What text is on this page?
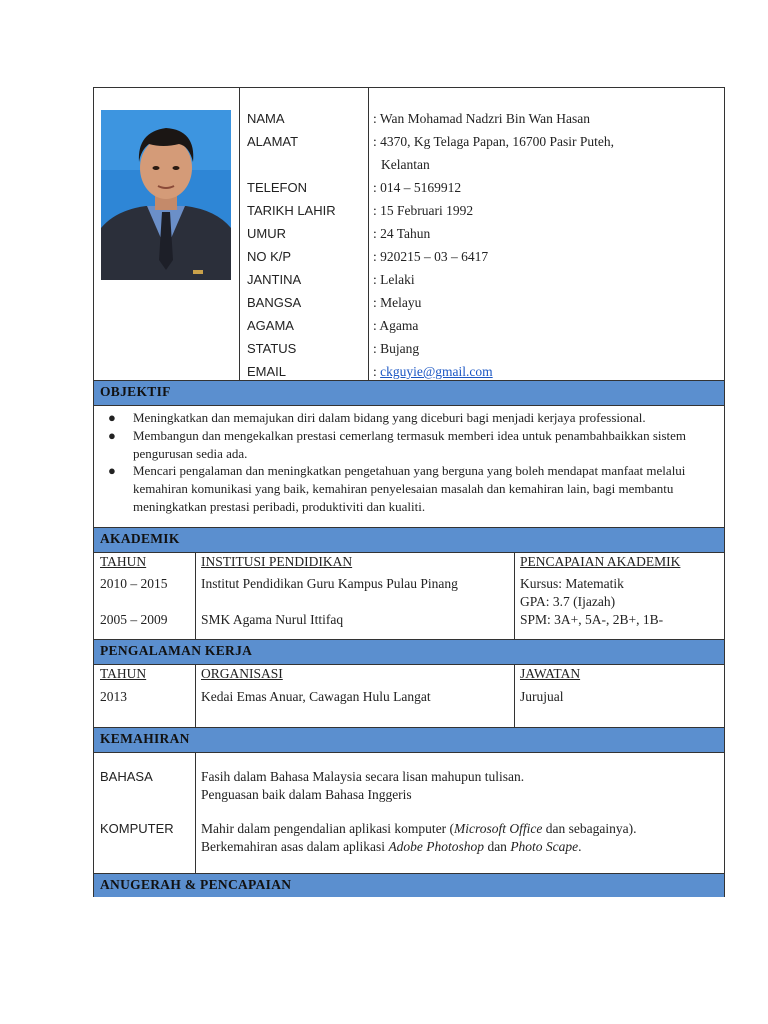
NAMA	: Wan Mohamad Nadzri Bin Wan Hasan
ALAMAT	: 4370, Kg Telaga Papan, 16700 Pasir Puteh,
Kelantan
TELEFON	: 014 – 5169912
TARIKH LAHIR	: 15 Februari 1992
UMUR	: 24 Tahun
NO K/P	: 920215 – 03 – 6417
JANTINA	: Lelaki
BANGSA	: Melayu
AGAMA	: Agama
STATUS	: Bujang
EMAIL	: ckguyie@gmail.com
OBJEKTIF
● Meningkatkan dan memajukan diri dalam bidang yang diceburi bagi menjadi kerjaya professional.
● Membangun dan mengekalkan prestasi cemerlang termasuk memberi idea untuk penambahbaikkan sistem pengurusan sedia ada.
● Mencari pengalaman dan meningkatkan pengetahuan yang berguna yang boleh mendapat manfaat melalui kemahiran komunikasi yang baik, kemahiran penyelesaian masalah dan kemahiran lain, bagi membantu meningkatkan prestasi peribadi, produktiviti dan kualiti.
AKADEMIK
TAHUN	INSTITUSI PENDIDIKAN	PENCAPAIAN AKADEMIK
2010 – 2015 Institut Pendidikan Guru Kampus Pulau Pinang	Kursus: Matematik
GPA: 3.7 (Ijazah)
2005 – 2009 SMK Agama Nurul Ittifaq	SPM: 3A+, 5A-, 2B+, 1B-
PENGALAMAN KERJA
TAHUN	ORGANISASI	JAWATAN
2013	Kedai Emas Anuar, Cawagan Hulu Langat	Jurujual
KEMAHIRAN
BAHASA	Fasih dalam Bahasa Malaysia secara lisan mahupun tulisan.
Penguasan baik dalam Bahasa Inggeris
KOMPUTER Mahir dalam pengendalian aplikasi komputer (Microsoft Office dan sebagainya).
Berkemahiran asas dalam aplikasi Adobe Photoshop dan Photo Scape.
ANUGERAH & PENCAPAIAN
